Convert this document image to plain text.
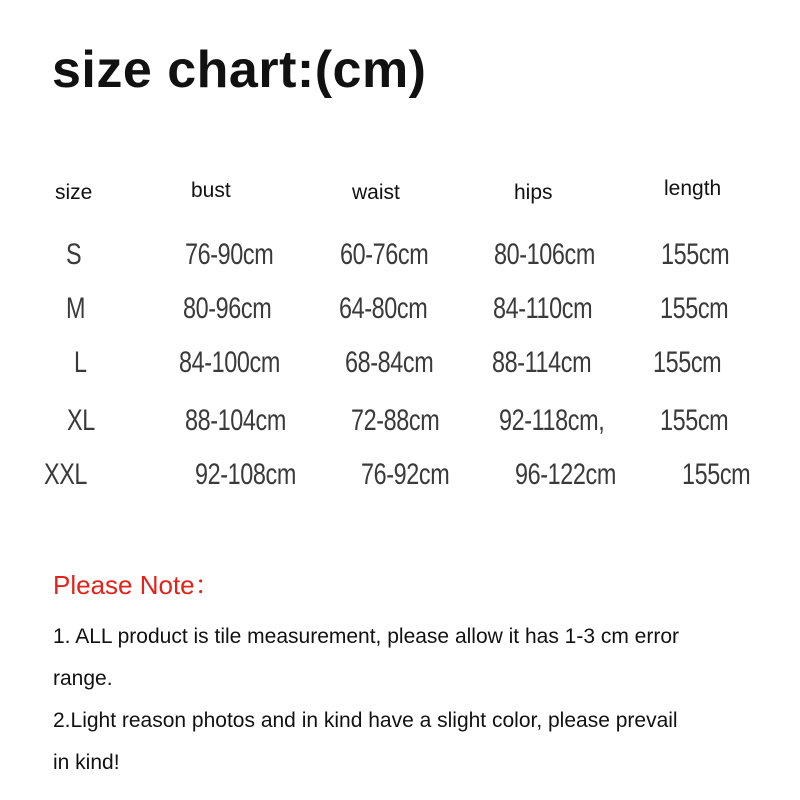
size chart:(cm)
size	bust	waist	hips	length
S	76-90cm 60-76cm 80-106cm 155cm
M	80-96cm 64-80cm 84-110cm 155cm
L	84-100cm 68-84cm 88-114cm 155cm
XL	88-104cm 72-88cm 92-118cm, 155cm
XXL	92-108cm 76-92cm 96-122cm 155cm
Please Note：
1. ALL product is tile measurement, please allow it has 1-3 cm error
range.
2.Light reason photos and in kind have a slight color, please prevail
in kind!
